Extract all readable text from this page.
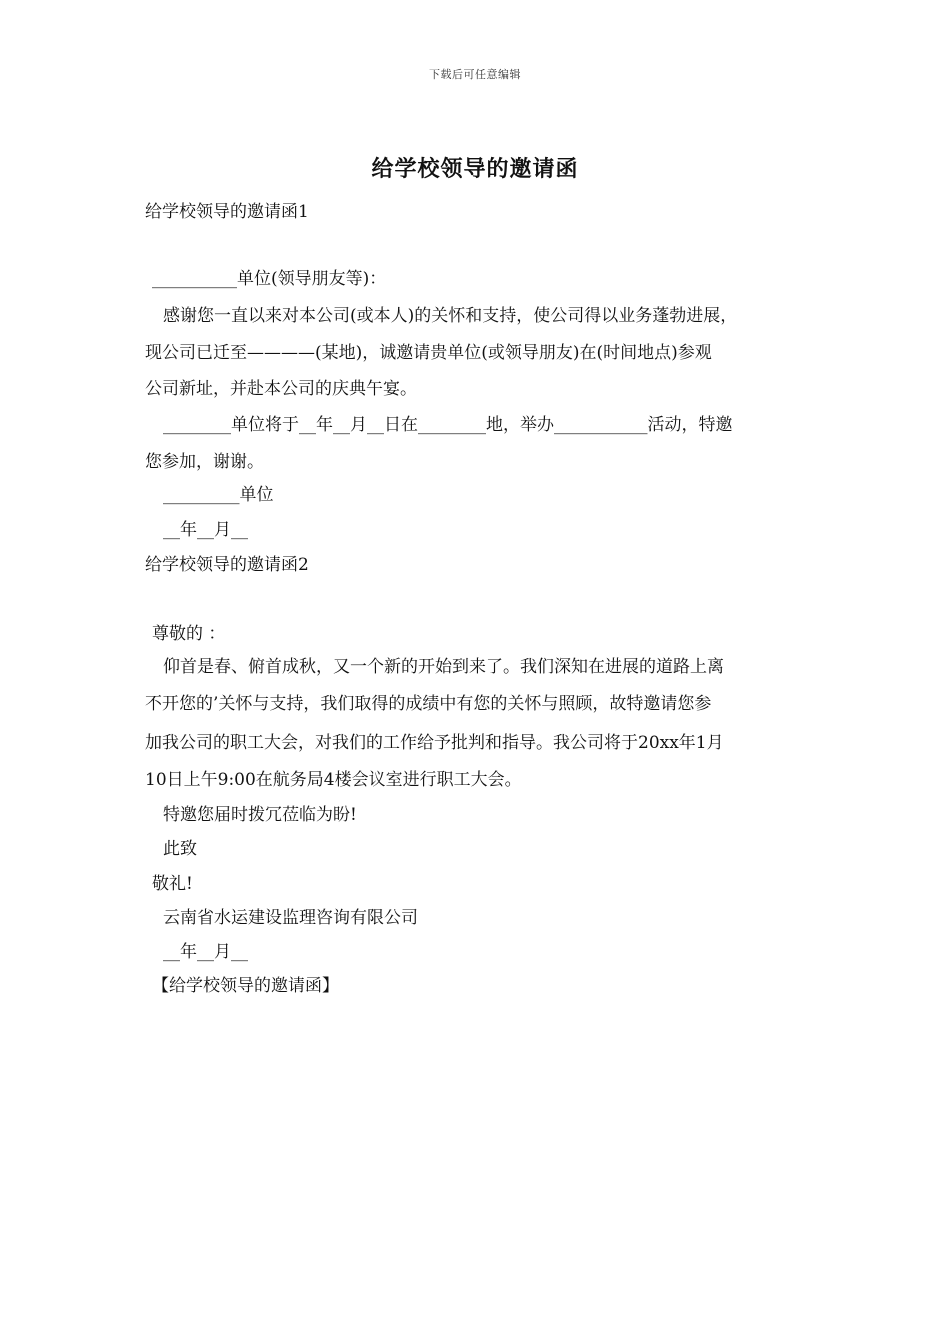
下载后可任意编辑
给学校领导的邀请函
给学校领导的邀请函1
__________单位(领导朋友等)：
感谢您一直以来对本公司(或本人)的关怀和支持，使公司得以业务蓬勃进展，
现公司已迁至————(某地)，诚邀请贵单位(或领导朋友)在(时间地点)参观
公司新址，并赴本公司的庆典午宴。
________单位将于__年__月__日在________地，举办___________活动，特邀
您参加，谢谢。
_________单位
__年__月__
给学校领导的邀请函2
尊敬的 ：
仰首是春、俯首成秋，又一个新的开始到来了。我们深知在进展的道路上离
不开您的’关怀与支持，我们取得的成绩中有您的关怀与照顾，故特邀请您参
加我公司的职工大会，对我们的工作给予批判和指导。我公司将于20xx年1月
10日上午9:00在航务局4楼会议室进行职工大会。
特邀您届时拨冗莅临为盼!
此致
敬礼!
云南省水运建设监理咨询有限公司
__年__月__
【给学校领导的邀请函】
